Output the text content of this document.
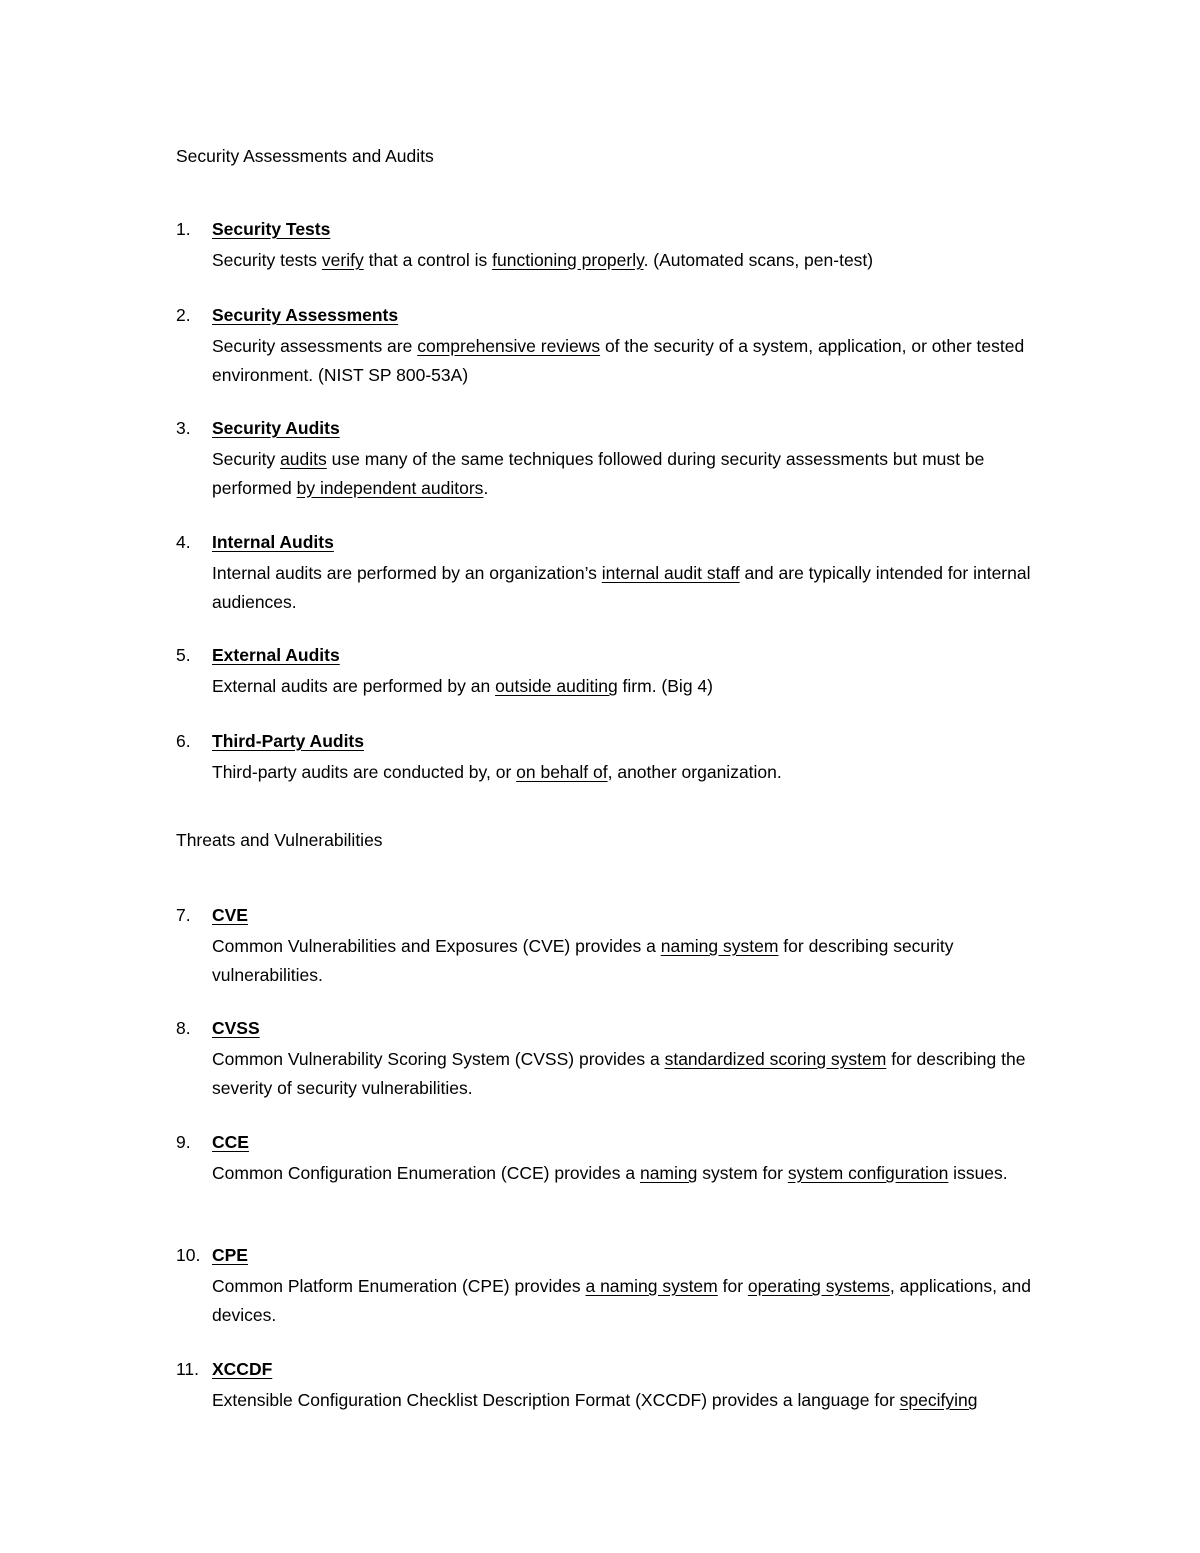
Security Assessments and Audits
1. Security Tests
Security tests verify that a control is functioning properly. (Automated scans, pen-test)
2. Security Assessments
Security assessments are comprehensive reviews of the security of a system, application, or other tested environment. (NIST SP 800-53A)
3. Security Audits
Security audits use many of the same techniques followed during security assessments but must be performed by independent auditors.
4. Internal Audits
Internal audits are performed by an organization’s internal audit staff and are typically intended for internal audiences.
5. External Audits
External audits are performed by an outside auditing firm. (Big 4)
6. Third-Party Audits
Third-party audits are conducted by, or on behalf of, another organization.
Threats and Vulnerabilities
7. CVE
Common Vulnerabilities and Exposures (CVE) provides a naming system for describing security vulnerabilities.
8. CVSS
Common Vulnerability Scoring System (CVSS) provides a standardized scoring system for describing the severity of security vulnerabilities.
9. CCE
Common Configuration Enumeration (CCE) provides a naming system for system configuration issues.
10. CPE
Common Platform Enumeration (CPE) provides a naming system for operating systems, applications, and devices.
11. XCCDF
Extensible Configuration Checklist Description Format (XCCDF) provides a language for specifying
